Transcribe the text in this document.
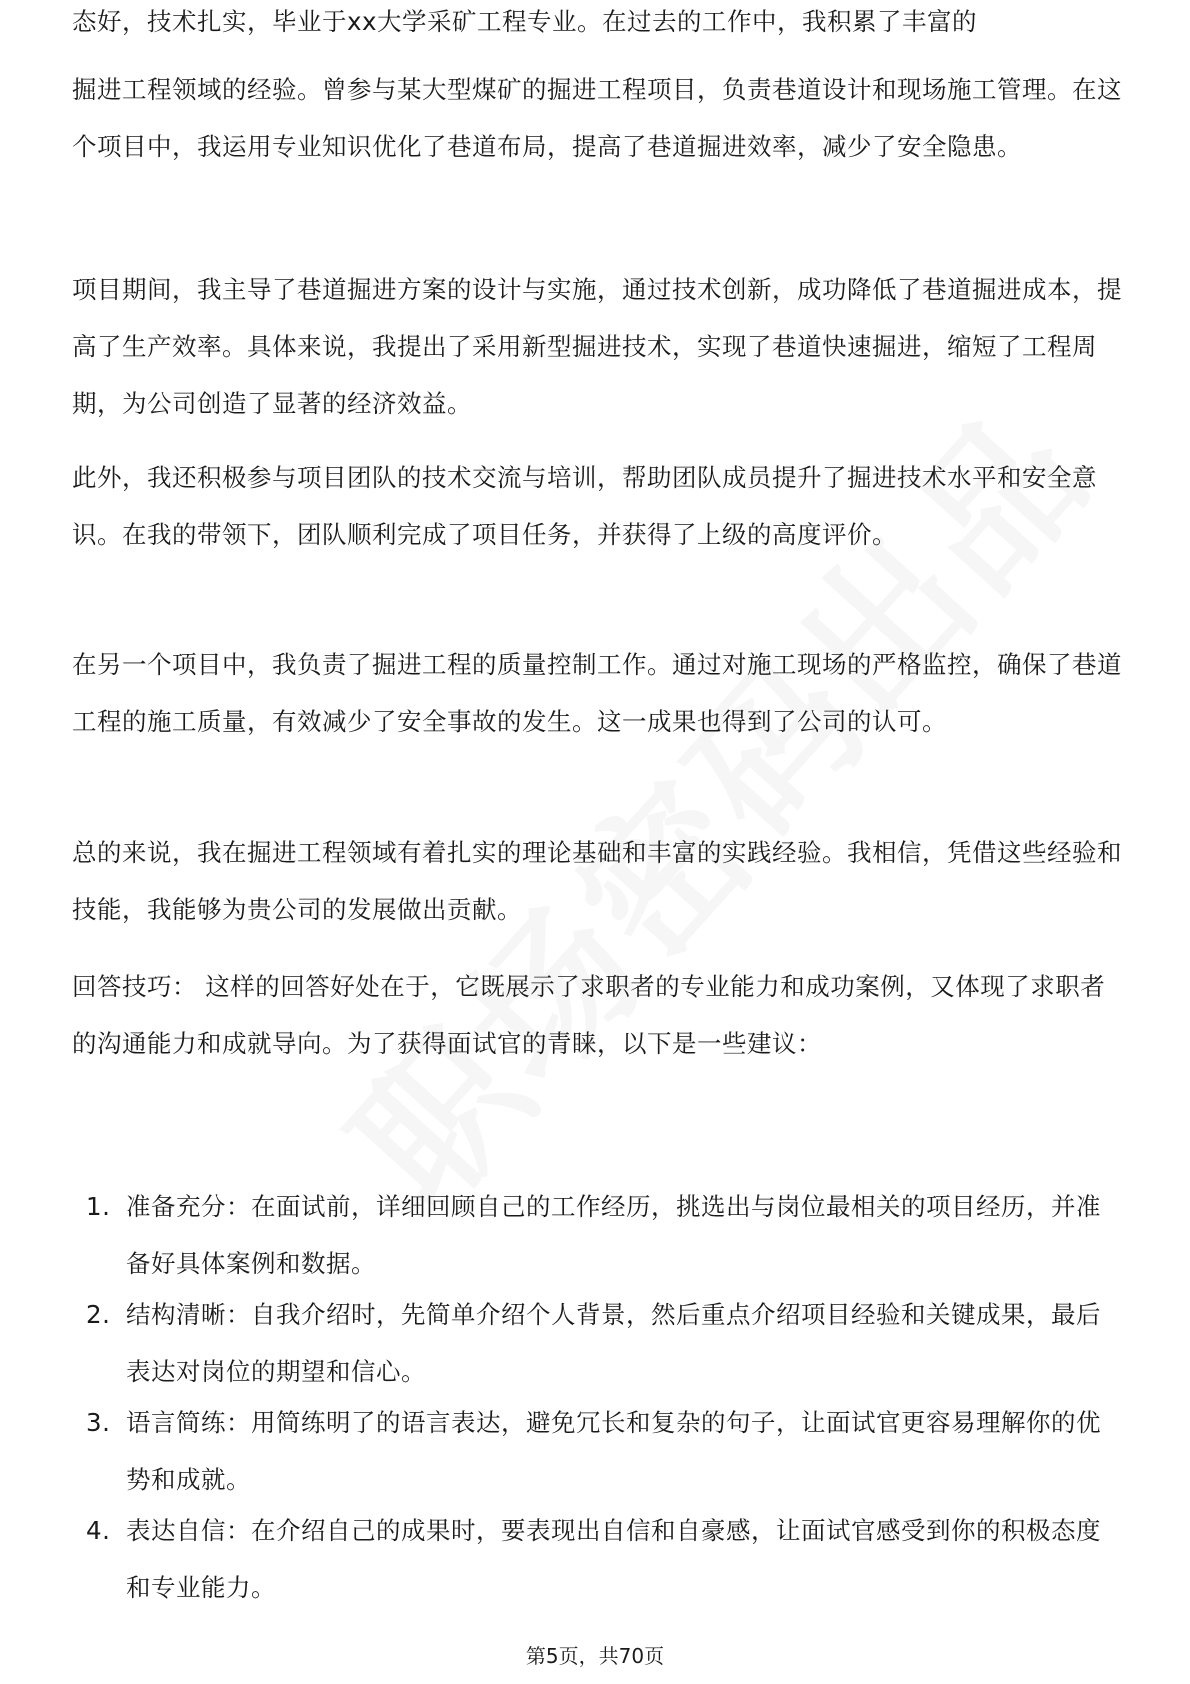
态好，技术扎实，毕业于xx大学采矿工程专业。在过去的工作中，我积累了丰富的

掘进工程领域的经验。曾参与某大型煤矿的掘进工程项目，负责巷道设计和现场施工管理。在这个项目中，我运用专业知识优化了巷道布局，提高了巷道掘进效率，减少了安全隐患。

项目期间，我主导了巷道掘进方案的设计与实施，通过技术创新，成功降低了巷道掘进成本，提高了生产效率。具体来说，我提出了采用新型掘进技术，实现了巷道快速掘进，缩短了工程周期，为公司创造了显著的经济效益。

此外，我还积极参与项目团队的技术交流与培训，帮助团队成员提升了掘进技术水平和安全意识。在我的带领下，团队顺利完成了项目任务，并获得了上级的高度评价。

在另一个项目中，我负责了掘进工程的质量控制工作。通过对施工现场的严格监控，确保了巷道工程的施工质量，有效减少了安全事故的发生。这一成果也得到了公司的认可。

总的来说，我在掘进工程领域有着扎实的理论基础和丰富的实践经验。我相信，凭借这些经验和技能，我能够为贵公司的发展做出贡献。

回答技巧： 这样的回答好处在于，它既展示了求职者的专业能力和成功案例，又体现了求职者的沟通能力和成就导向。为了获得面试官的青睐，以下是一些建议：

1. 准备充分：在面试前，详细回顾自己的工作经历，挑选出与岗位最相关的项目经历，并准备好具体案例和数据。
2. 结构清晰：自我介绍时，先简单介绍个人背景，然后重点介绍项目经验和关键成果，最后表达对岗位的期望和信心。
3. 语言简练：用简练明了的语言表达，避免冗长和复杂的句子，让面试官更容易理解你的优势和成就。
4. 表达自信：在介绍自己的成果时，要表现出自信和自豪感，让面试官感受到你的积极态度和专业能力。
第5页，共70页
